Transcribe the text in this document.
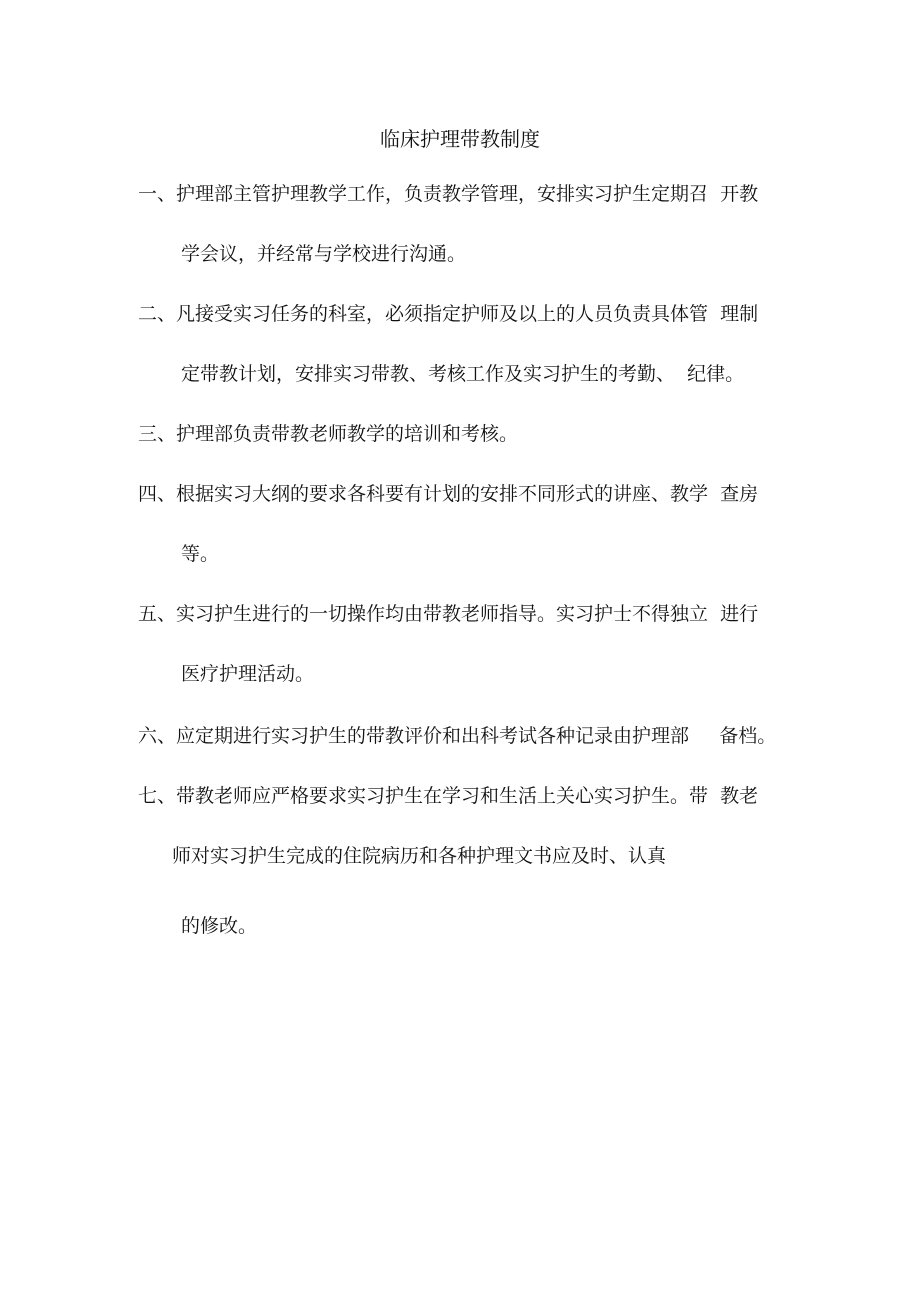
临床护理带教制度
一、护理部主管护理教学工作，负责教学管理，安排实习护生定期召  开教
学会议，并经常与学校进行沟通。
二、凡接受实习任务的科室，必须指定护师及以上的人员负责具体管  理制
定带教计划，安排实习带教、考核工作及实习护生的考勤、  纪律。
三、护理部负责带教老师教学的培训和考核。
四、根据实习大纲的要求各科要有计划的安排不同形式的讲座、教学  查房
等。
五、实习护生进行的一切操作均由带教老师指导。实习护士不得独立  进行
医疗护理活动。
六、应定期进行实习护生的带教评价和出科考试各种记录由护理部     备档。
七、带教老师应严格要求实习护生在学习和生活上关心实习护生。带  教老
师对实习护生完成的住院病历和各种护理文书应及时、认真
的修改。
